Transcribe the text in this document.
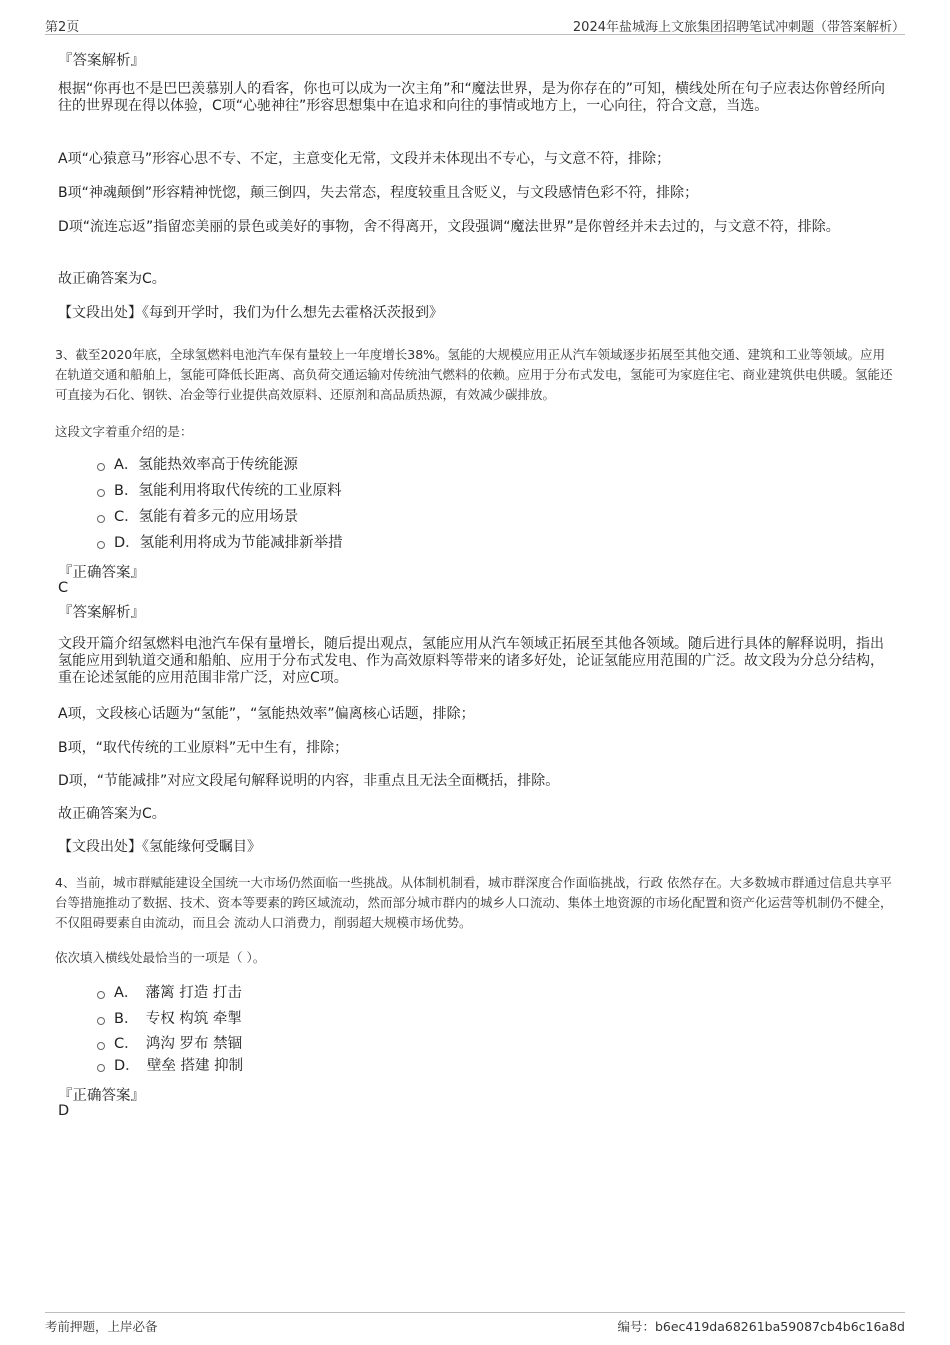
第2页	2024年盐城海上文旅集团招聘笔试冲刺题（带答案解析）
『答案解析』
根据“你再也不是巴巴羡慕别人的看客，你也可以成为一次主角”和“魔法世界，是为你存在的”可知，横线处所在句子应表达你曾经所向往的世界现在得以体验，C项“心驰神往”形容思想集中在追求和向往的事情或地方上，一心向往，符合文意，当选。
A项“心猿意马”形容心思不专、不定，主意变化无常，文段并未体现出不专心，与文意不符，排除；
B项“神魂颠倒”形容精神恍惚，颠三倒四，失去常态，程度较重且含贬义，与文段感情色彩不符，排除；
D项“流连忘返”指留恋美丽的景色或美好的事物，舍不得离开，文段强调“魔法世界”是你曾经并未去过的，与文意不符，排除。
故正确答案为C。
【文段出处】《每到开学时，我们为什么想先去霍格沃茨报到》
3、截至2020年底，全球氢燃料电池汽车保有量较上一年度增长38%。氢能的大规模应用正从汽车领域逐步拓展至其他交通、建筑和工业等领域。应用在轨道交通和船舶上，氢能可降低长距离、高负荷交通运输对传统油气燃料的依赖。应用于分布式发电，氢能可为家庭住宅、商业建筑供电供暖。氢能还可直接为石化、钢铁、冶金等行业提供高效原料、还原剂和高品质热源，有效减少碳排放。
这段文字着重介绍的是：
A．氢能热效率高于传统能源
B．氢能利用将取代传统的工业原料
C．氢能有着多元的应用场景
D．氢能利用将成为节能减排新举措
『正确答案』
C
『答案解析』
文段开篇介绍氢燃料电池汽车保有量增长，随后提出观点，氢能应用从汽车领域正拓展至其他各领域。随后进行具体的解释说明，指出氢能应用到轨道交通和船舶、应用于分布式发电、作为高效原料等带来的诸多好处，论证氢能应用范围的广泛。故文段为分总分结构，重在论述氢能的应用范围非常广泛，对应C项。
A项，文段核心话题为“氢能”，“氢能热效率”偏离核心话题，排除；
B项，“取代传统的工业原料”无中生有，排除；
D项，“节能减排”对应文段尾句解释说明的内容，非重点且无法全面概括，排除。
故正确答案为C。
【文段出处】《氢能缘何受瞩目》
4、当前，城市群赋能建设全国统一大市场仍然面临一些挑战。从体制机制看，城市群深度合作面临挑战，行政 依然存在。大多数城市群通过信息共享平台等措施推动了数据、技术、资本等要素的跨区域流动，然而部分城市群内的城乡人口流动、集体土地资源的市场化配置和资产化运营等机制仍不健全，不仅阻碍要素自由流动，而且会 流动人口消费力，削弱超大规模市场优势。
依次填入横线处最恰当的一项是（ ）。
A．　藩篱 打造 打击
B．　专权 构筑 牵掣
C．　鸿沟 罗布 禁锢
D．　壁垒 搭建 抑制
『正确答案』
D
考前押题，上岸必备	编号：b6ec419da68261ba59087cb4b6c16a8d
